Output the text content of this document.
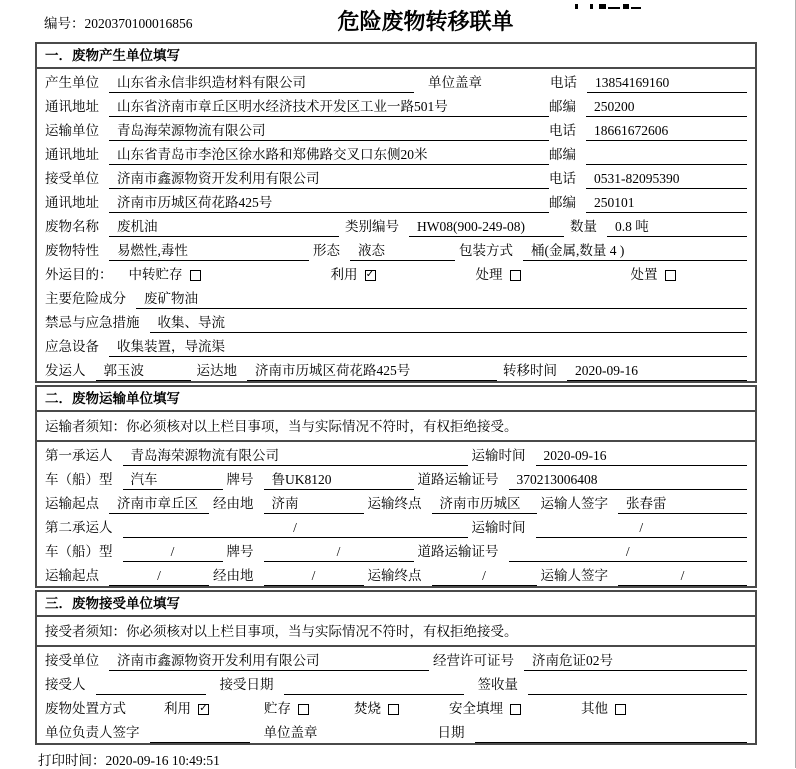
编号：2020370100016856	危险废物转移联单
一．废物产生单位填写
产生单位	山东省永信非织造材料有限公司	单位盖章	电话	13854169160
通讯地址	山东省济南市章丘区明水经济技术开发区工业一路501号	邮编	250200
运输单位	青岛海荣源物流有限公司	电话	18661672606
通讯地址	山东省青岛市李沧区徐水路和郑佛路交叉口东侧20米	邮编
接受单位	济南市鑫源物资开发利用有限公司	电话	0531-82095390
通讯地址	济南市历城区荷花路425号	邮编	250101
废物名称	废机油	类别编号	HW08(900-249-08)	数量	0.8 吨
废物特性	易燃性,毒性	形态	液态	包装方式	桶(金属,数量 4 )
外运目的： 中转贮存	利用 ✓	处理	处置
主要危险成分	废矿物油
禁忌与应急措施	收集、导流
应急设备	收集装置，导流渠
发运人	郭玉波	运达地	济南市历城区荷花路425号	转移时间	2020-09-16
二．废物运输单位填写
运输者须知：你必须核对以上栏目事项，当与实际情况不符时，有权拒绝接受。
第一承运人	青岛海荣源物流有限公司	运输时间	2020-09-16
车（船）型	汽车	牌号	鲁UK8120	道路运输证号	370213006408
运输起点	济南市章丘区	经由地	济南	运输终点	济南市历城区	运输人签字	张春雷
第二承运人	/	运输时间	/
车（船）型	/	牌号	/	道路运输证号	/
运输起点	/	经由地	/	运输终点	/	运输人签字	/
三．废物接受单位填写
接受者须知：你必须核对以上栏目事项，当与实际情况不符时，有权拒绝接受。
接受单位	济南市鑫源物资开发利用有限公司	经营许可证号	济南危证02号
接受人	接受日期	签收量
废物处置方式	利用 ✓	贮存	焚烧	安全填埋	其他
单位负责人签字	单位盖章	日期
打印时间：2020-09-16 10:49:51
